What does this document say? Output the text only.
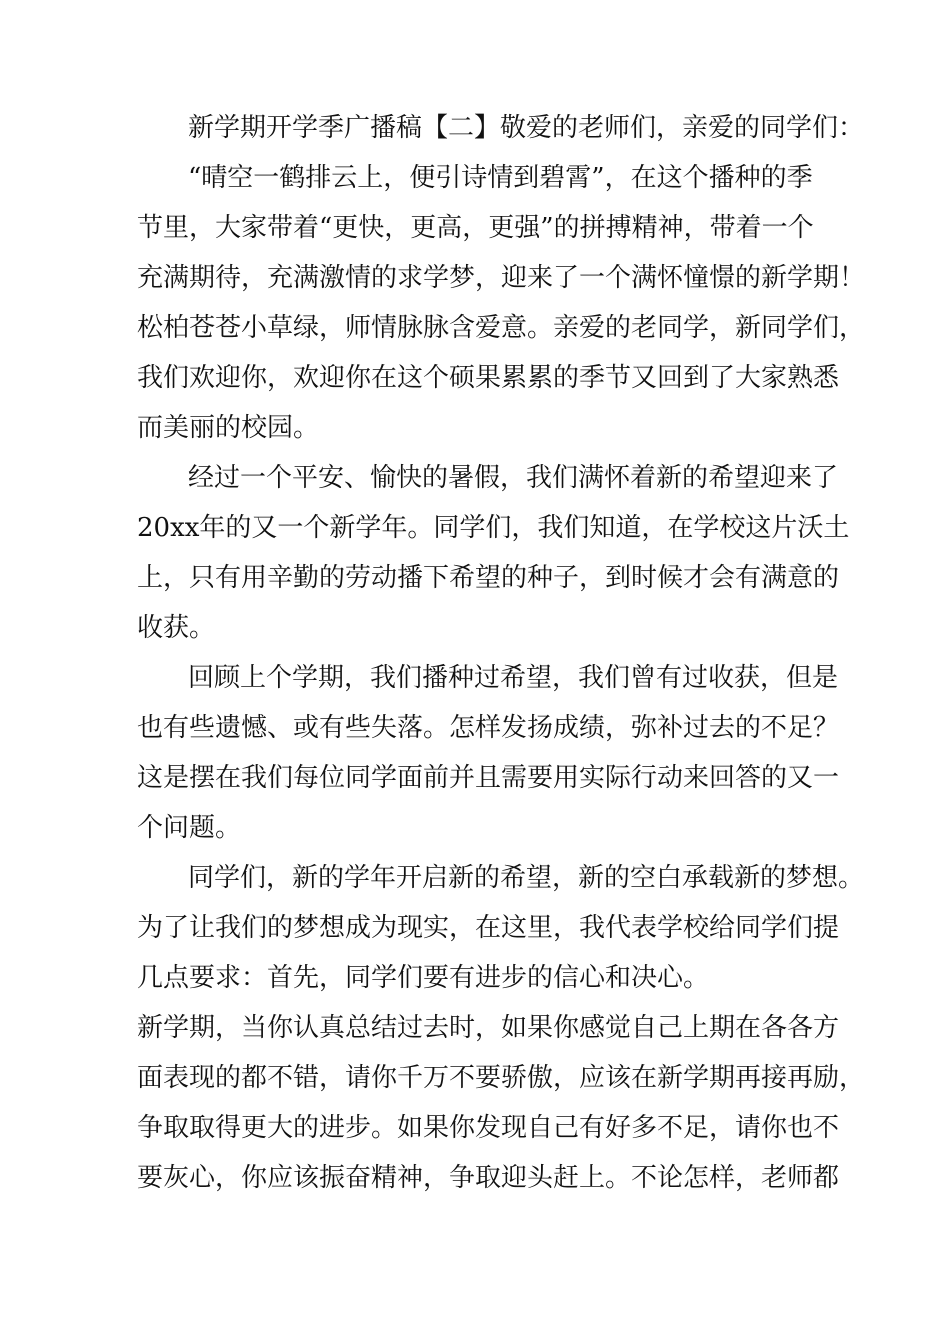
新学期开学季广播稿【二】敬爱的老师们，亲爱的同学们：
“晴空一鹤排云上，便引诗情到碧霄”，在这个播种的季
节里，大家带着“更快，更高，更强”的拼搏精神，带着一个
充满期待，充满激情的求学梦，迎来了一个满怀憧憬的新学期！
松柏苍苍小草绿，师情脉脉含爱意。亲爱的老同学，新同学们，
我们欢迎你，欢迎你在这个硕果累累的季节又回到了大家熟悉
而美丽的校园。
经过一个平安、愉快的暑假，我们满怀着新的希望迎来了
20xx年的又一个新学年。同学们，我们知道，在学校这片沃土
上，只有用辛勤的劳动播下希望的种子，到时候才会有满意的
收获。
回顾上个学期，我们播种过希望，我们曾有过收获，但是
也有些遗憾、或有些失落。怎样发扬成绩，弥补过去的不足？
这是摆在我们每位同学面前并且需要用实际行动来回答的又一
个问题。
同学们，新的学年开启新的希望，新的空白承载新的梦想。
为了让我们的梦想成为现实，在这里，我代表学校给同学们提
几点要求：首先，同学们要有进步的信心和决心。
新学期，当你认真总结过去时，如果你感觉自己上期在各各方
面表现的都不错，请你千万不要骄傲，应该在新学期再接再励，
争取取得更大的进步。如果你发现自己有好多不足，请你也不
要灰心，你应该振奋精神，争取迎头赶上。不论怎样，老师都
